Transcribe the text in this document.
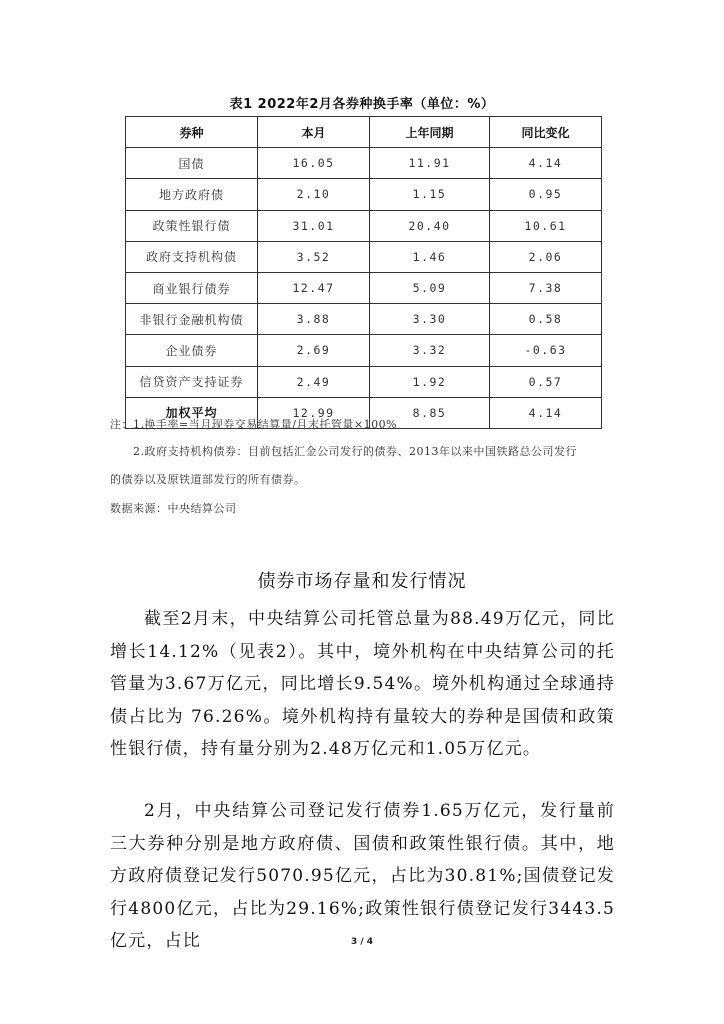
表1 2022年2月各券种换手率（单位：%）
券种	本月	上年同期	同比变化
国债	16.05	11.91	4.14
地方政府债	2.10	1.15	0.95
政策性银行债	31.01	20.40	10.61
政府支持机构债	3.52	1.46	2.06
商业银行债券	12.47	5.09	7.38
非银行金融机构债	3.88	3.30	0.58
企业债券	2.69	3.32	-0.63
信贷资产支持证券	2.49	1.92	0.57
加权平均	12.99	8.85	4.14
注：1.换手率=当月现券交易结算量/月末托管量×100%
2.政府支持机构债券：目前包括汇金公司发行的债券、2013年以来中国铁路总公司发行
的债券以及原铁道部发行的所有债券。
数据来源：中央结算公司
债券市场存量和发行情况

截至2月末，中央结算公司托管总量为88.49万亿元，同比增长14.12%（见表2）。其中，境外机构在中央结算公司的托管量为3.67万亿元，同比增长9.54%。境外机构通过全球通持债占比为 76.26%。境外机构持有量较大的券种是国债和政策性银行债，持有量分别为2.48万亿元和1.05万亿元。

2月，中央结算公司登记发行债券1.65万亿元，发行量前三大券种分别是地方政府债、国债和政策性银行债。其中，地方政府债登记发行5070.95亿元，占比为30.81%;国债登记发行4800亿元，占比为29.16%;政策性银行债登记发行3443.5亿元，占比	3 / 4
